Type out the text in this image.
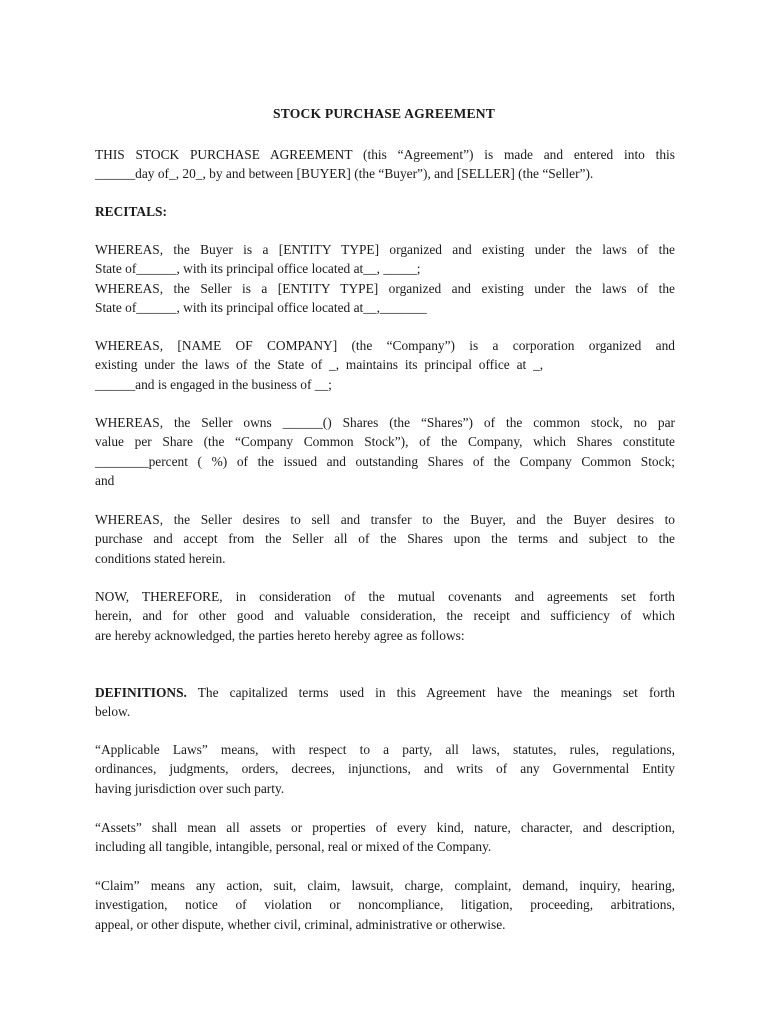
STOCK PURCHASE AGREEMENT
THIS STOCK PURCHASE AGREEMENT (this “Agreement”) is made and entered into this
______day of_, 20_, by and between [BUYER] (the “Buyer”), and [SELLER] (the “Seller”).
RECITALS:
WHEREAS, the Buyer is a [ENTITY TYPE] organized and existing under the laws of the
State of______, with its principal office located at__, _____;
WHEREAS, the Seller is a [ENTITY TYPE] organized and existing under the laws of the
State of______, with its principal office located at__,_______
WHEREAS, [NAME OF COMPANY] (the “Company”) is a corporation organized and
existing under the laws of the State of _, maintains its principal office at _,
______and is engaged in the business of __;
WHEREAS, the Seller owns ______() Shares (the “Shares”) of the common stock, no par
value per Share (the “Company Common Stock”), of the Company, which Shares constitute
________percent ( %) of the issued and outstanding Shares of the Company Common Stock;
and
WHEREAS, the Seller desires to sell and transfer to the Buyer, and the Buyer desires to
purchase and accept from the Seller all of the Shares upon the terms and subject to the
conditions stated herein.
NOW, THEREFORE, in consideration of the mutual covenants and agreements set forth
herein, and for other good and valuable consideration, the receipt and sufficiency of which
are hereby acknowledged, the parties hereto hereby agree as follows:
DEFINITIONS. The capitalized terms used in this Agreement have the meanings set forth
below.
“Applicable Laws” means, with respect to a party, all laws, statutes, rules, regulations,
ordinances, judgments, orders, decrees, injunctions, and writs of any Governmental Entity
having jurisdiction over such party.
“Assets” shall mean all assets or properties of every kind, nature, character, and description,
including all tangible, intangible, personal, real or mixed of the Company.
“Claim” means any action, suit, claim, lawsuit, charge, complaint, demand, inquiry, hearing,
investigation, notice of violation or noncompliance, litigation, proceeding, arbitrations,
appeal, or other dispute, whether civil, criminal, administrative or otherwise.
